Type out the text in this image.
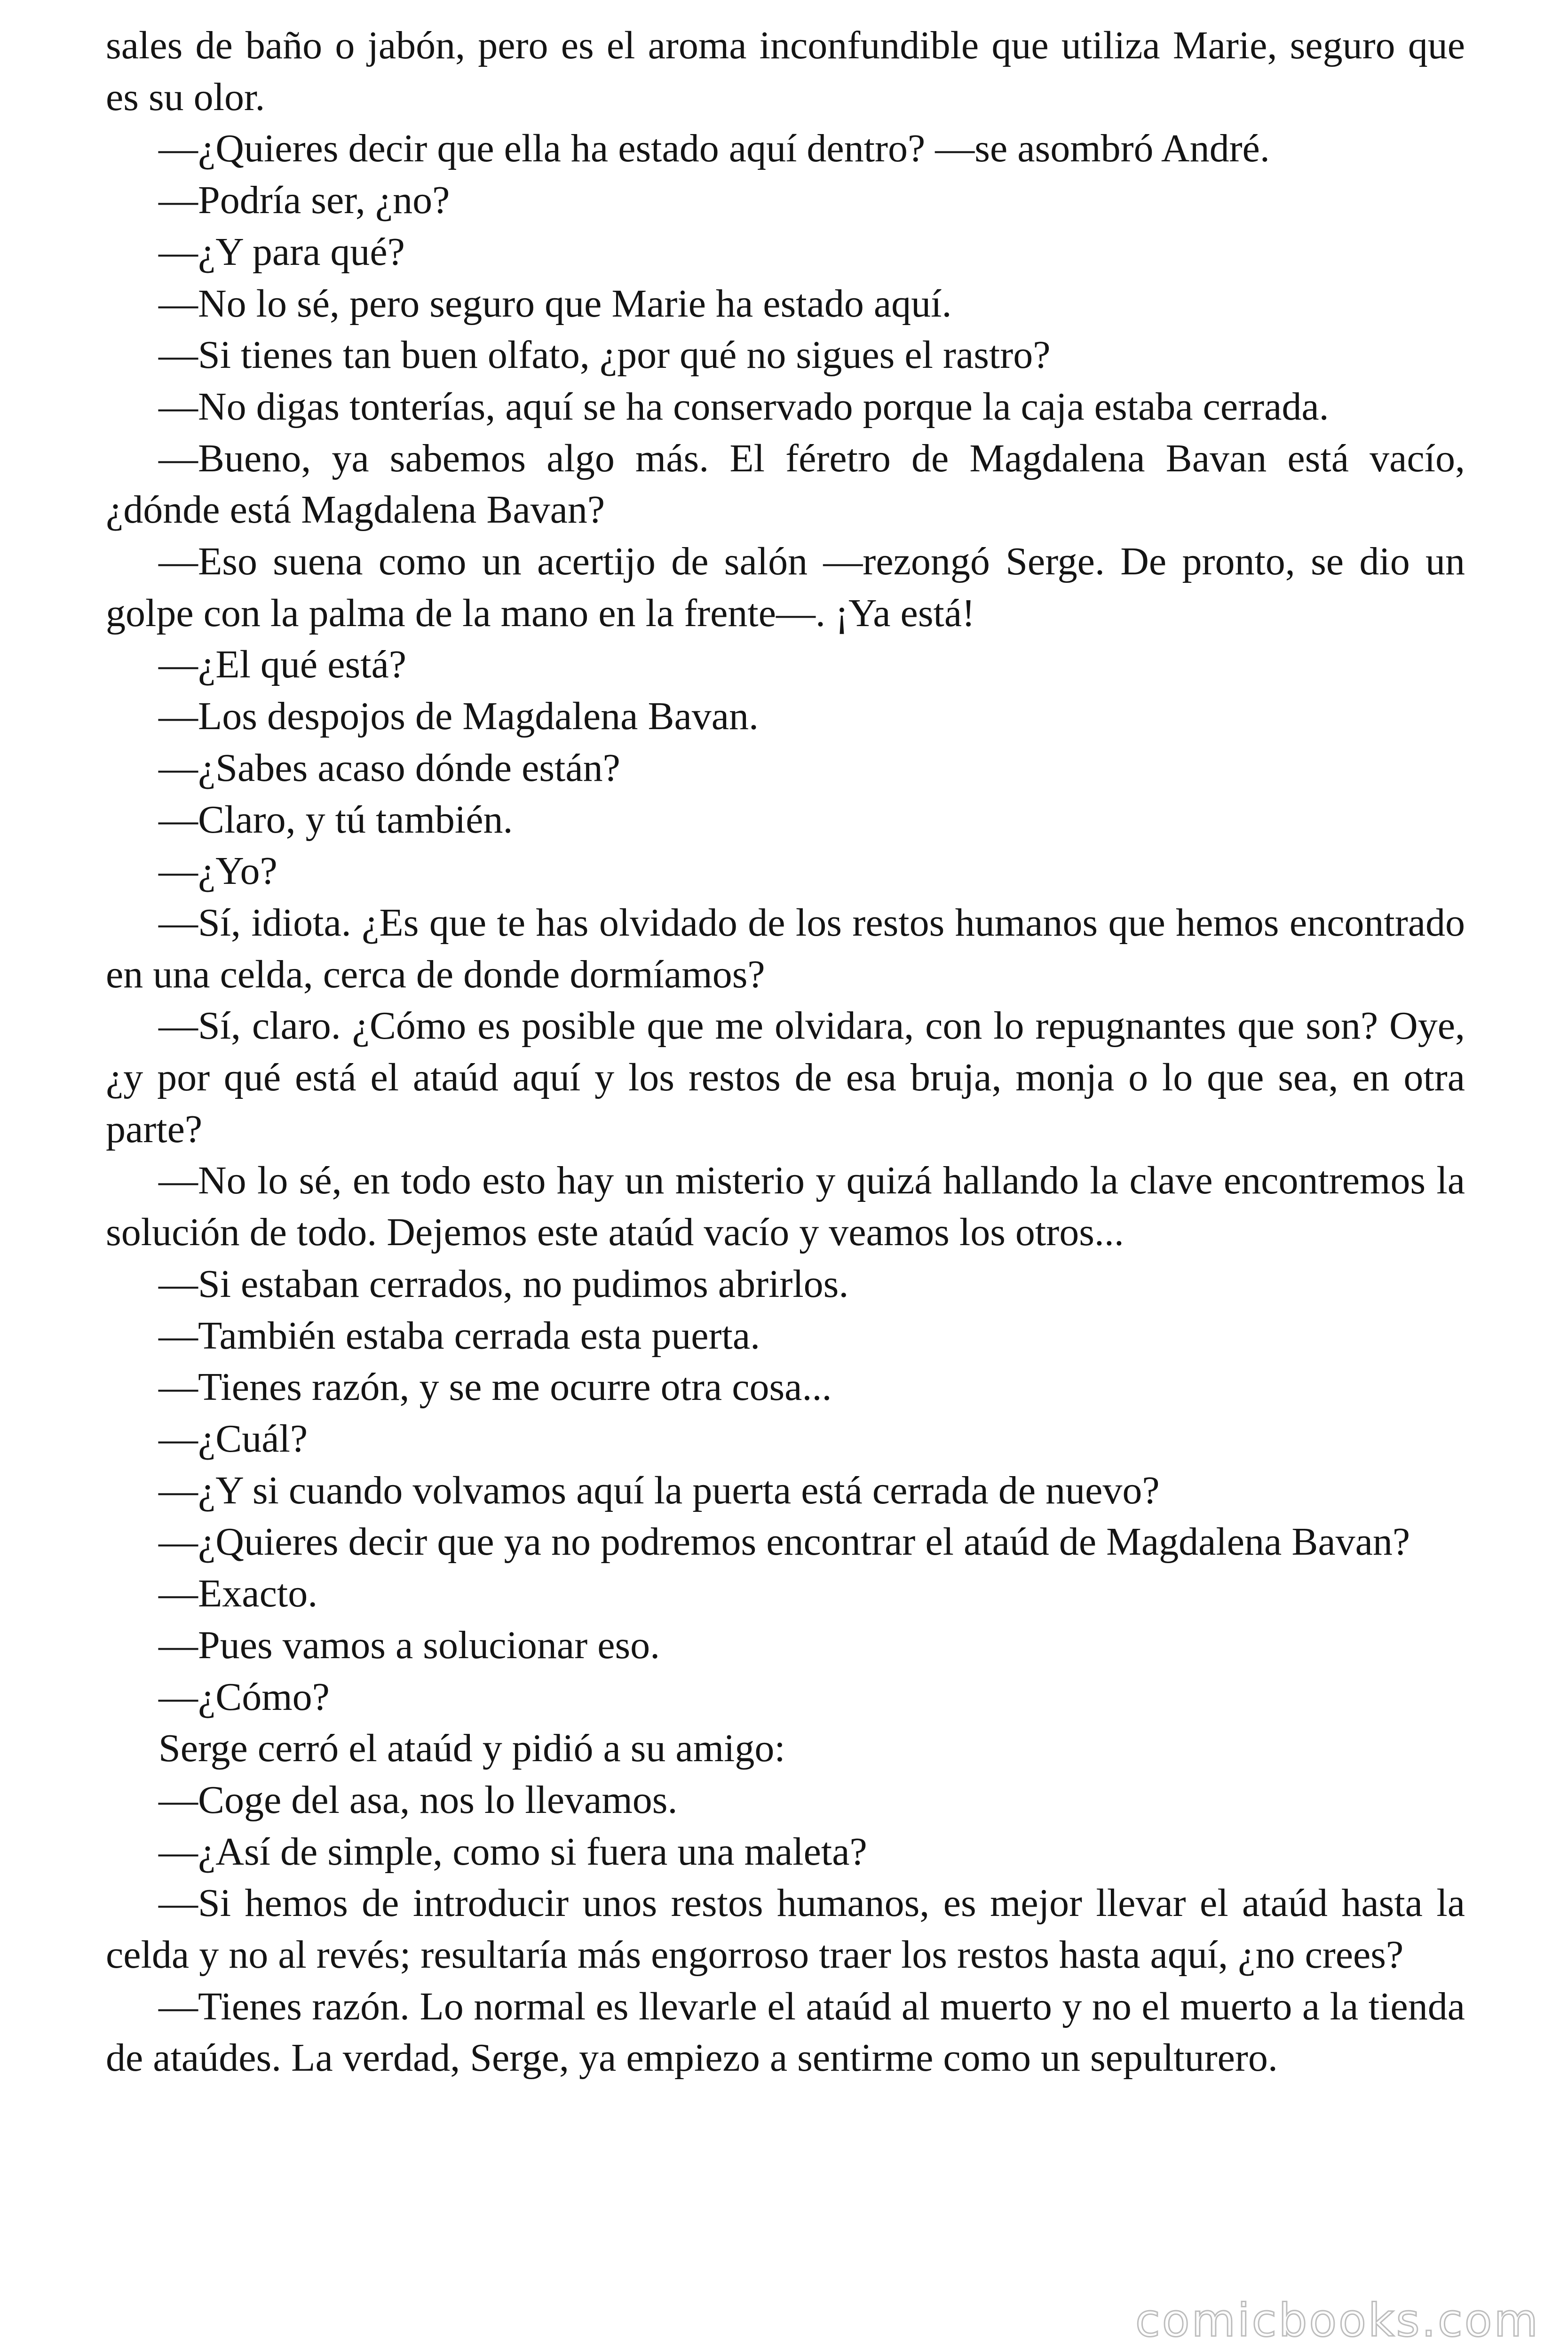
sales de baño o jabón, pero es el aroma inconfundible que utiliza Marie, seguro que es su olor.

—¿Quieres decir que ella ha estado aquí dentro? —se asombró André.

—Podría ser, ¿no?

—¿Y para qué?

—No lo sé, pero seguro que Marie ha estado aquí.

—Si tienes tan buen olfato, ¿por qué no sigues el rastro?

—No digas tonterías, aquí se ha conservado porque la caja estaba cerrada.

—Bueno, ya sabemos algo más. El féretro de Magdalena Bavan está vacío, ¿dónde está Magdalena Bavan?

—Eso suena como un acertijo de salón —rezongó Serge. De pronto, se dio un golpe con la palma de la mano en la frente—. ¡Ya está!

—¿El qué está?

—Los despojos de Magdalena Bavan.

—¿Sabes acaso dónde están?

—Claro, y tú también.

—¿Yo?

—Sí, idiota. ¿Es que te has olvidado de los restos humanos que hemos encontrado en una celda, cerca de donde dormíamos?

—Sí, claro. ¿Cómo es posible que me olvidara, con lo repugnantes que son? Oye, ¿y por qué está el ataúd aquí y los restos de esa bruja, monja o lo que sea, en otra parte?

—No lo sé, en todo esto hay un misterio y quizá hallando la clave encontremos la solución de todo. Dejemos este ataúd vacío y veamos los otros...

—Si estaban cerrados, no pudimos abrirlos.

—También estaba cerrada esta puerta.

—Tienes razón, y se me ocurre otra cosa...

—¿Cuál?

—¿Y si cuando volvamos aquí la puerta está cerrada de nuevo?

—¿Quieres decir que ya no podremos encontrar el ataúd de Magdalena Bavan?

—Exacto.

—Pues vamos a solucionar eso.

—¿Cómo?

Serge cerró el ataúd y pidió a su amigo:

—Coge del asa, nos lo llevamos.

—¿Así de simple, como si fuera una maleta?

—Si hemos de introducir unos restos humanos, es mejor llevar el ataúd hasta la celda y no al revés; resultaría más engorroso traer los restos hasta aquí, ¿no crees?

—Tienes razón. Lo normal es llevarle el ataúd al muerto y no el muerto a la tienda de ataúdes. La verdad, Serge, ya empiezo a sentirme como un sepulturero.

comicbooks.com
